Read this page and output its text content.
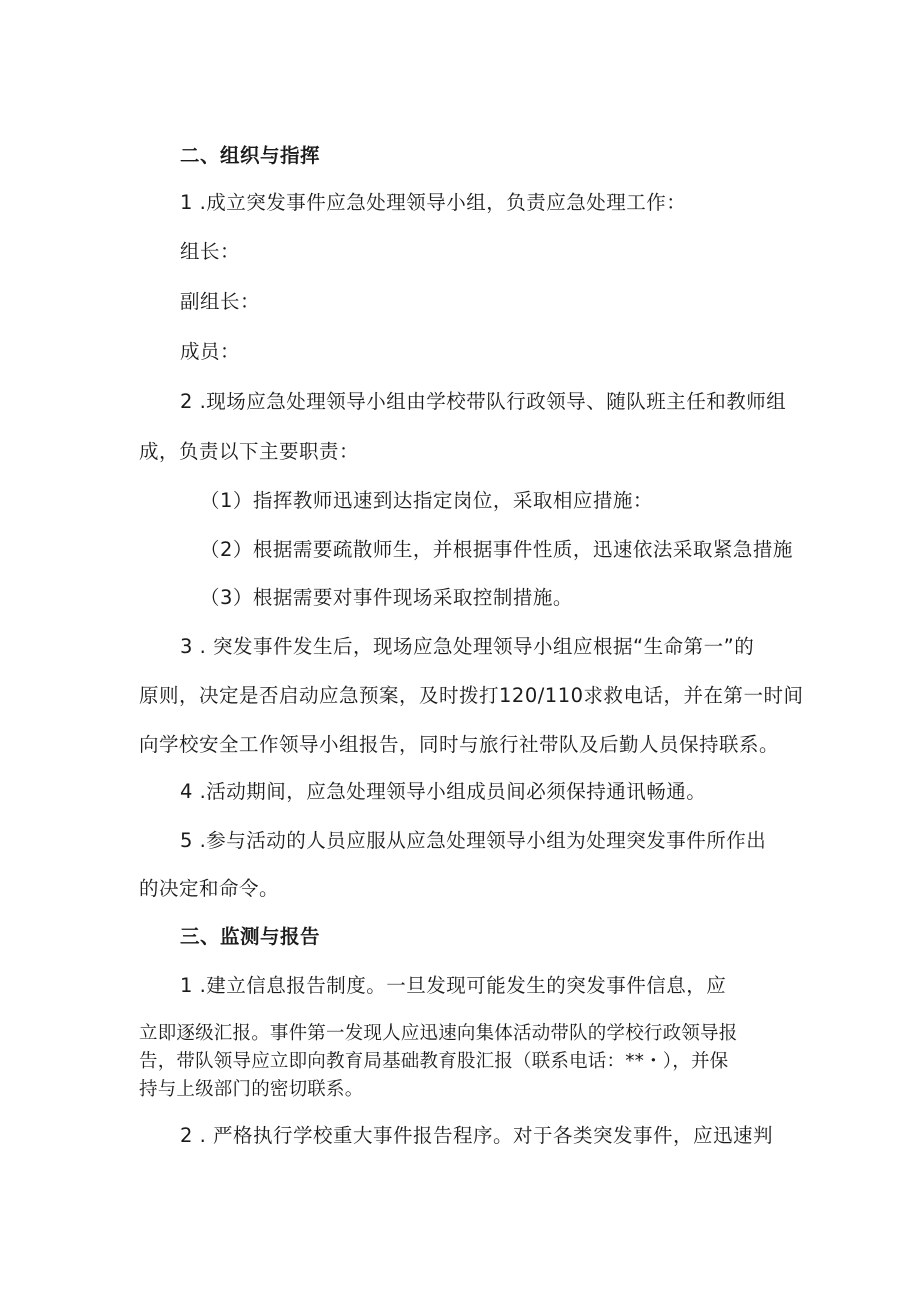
二、组织与指挥
1 .成立突发事件应急处理领导小组，负责应急处理工作：
组长：
副组长：
成员：
2 .现场应急处理领导小组由学校带队行政领导、随队班主任和教师组
成，负责以下主要职责：
（1）指挥教师迅速到达指定岗位，采取相应措施：
（2）根据需要疏散师生，并根据事件性质，迅速依法采取紧急措施
（3）根据需要对事件现场采取控制措施。
3 . 突发事件发生后，现场应急处理领导小组应根据“生命第一”的
原则，决定是否启动应急预案，及时拨打120/110求救电话，并在第一时间
向学校安全工作领导小组报告，同时与旅行社带队及后勤人员保持联系。
4 .活动期间，应急处理领导小组成员间必须保持通讯畅通。
5 .参与活动的人员应服从应急处理领导小组为处理突发事件所作出
的决定和命令。
三、监测与报告
1 .建立信息报告制度。一旦发现可能发生的突发事件信息，应
立即逐级汇报。事件第一发现人应迅速向集体活动带队的学校行政领导报
告，带队领导应立即向教育局基础教育股汇报（联系电话：**・），并保
持与上级部门的密切联系。
2 . 严格执行学校重大事件报告程序。对于各类突发事件，应迅速判
